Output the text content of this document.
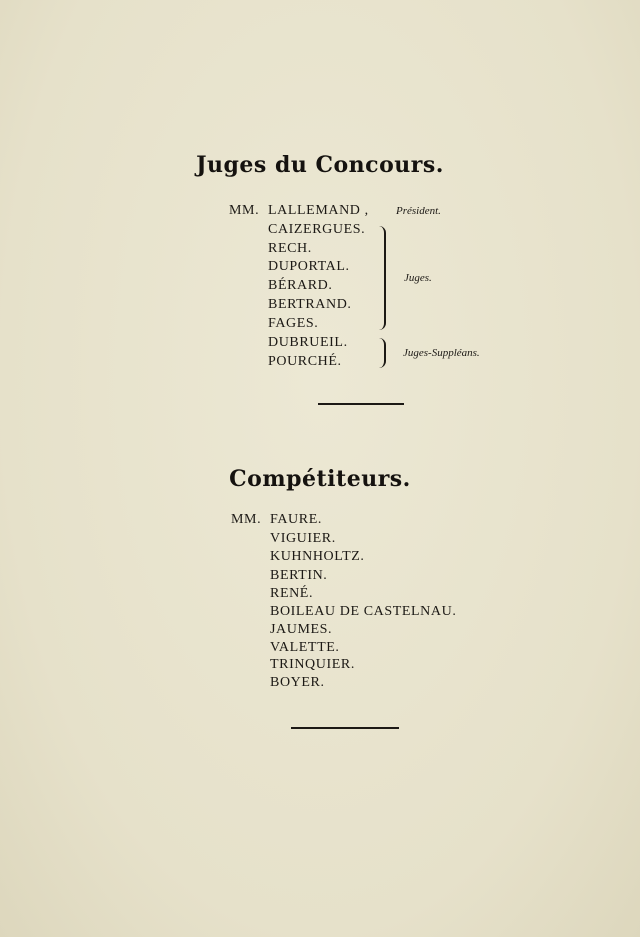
Juges du Concours.
MM. LALLEMAND , Président.
CAIZERGUES.
RECH.
DUPORTAL.
BÉRARD.
BERTRAND.
FAGES.
Juges.
DUBRUEIL.
POURCHÉ.
Juges-Suppléans.
Compétiteurs.
MM. FAURE.
VIGUIER.
KUHNHOLTZ.
BERTIN.
RENÉ.
BOILEAU DE CASTELNAU.
JAUMES.
VALETTE.
TRINQUIER.
BOYER.
